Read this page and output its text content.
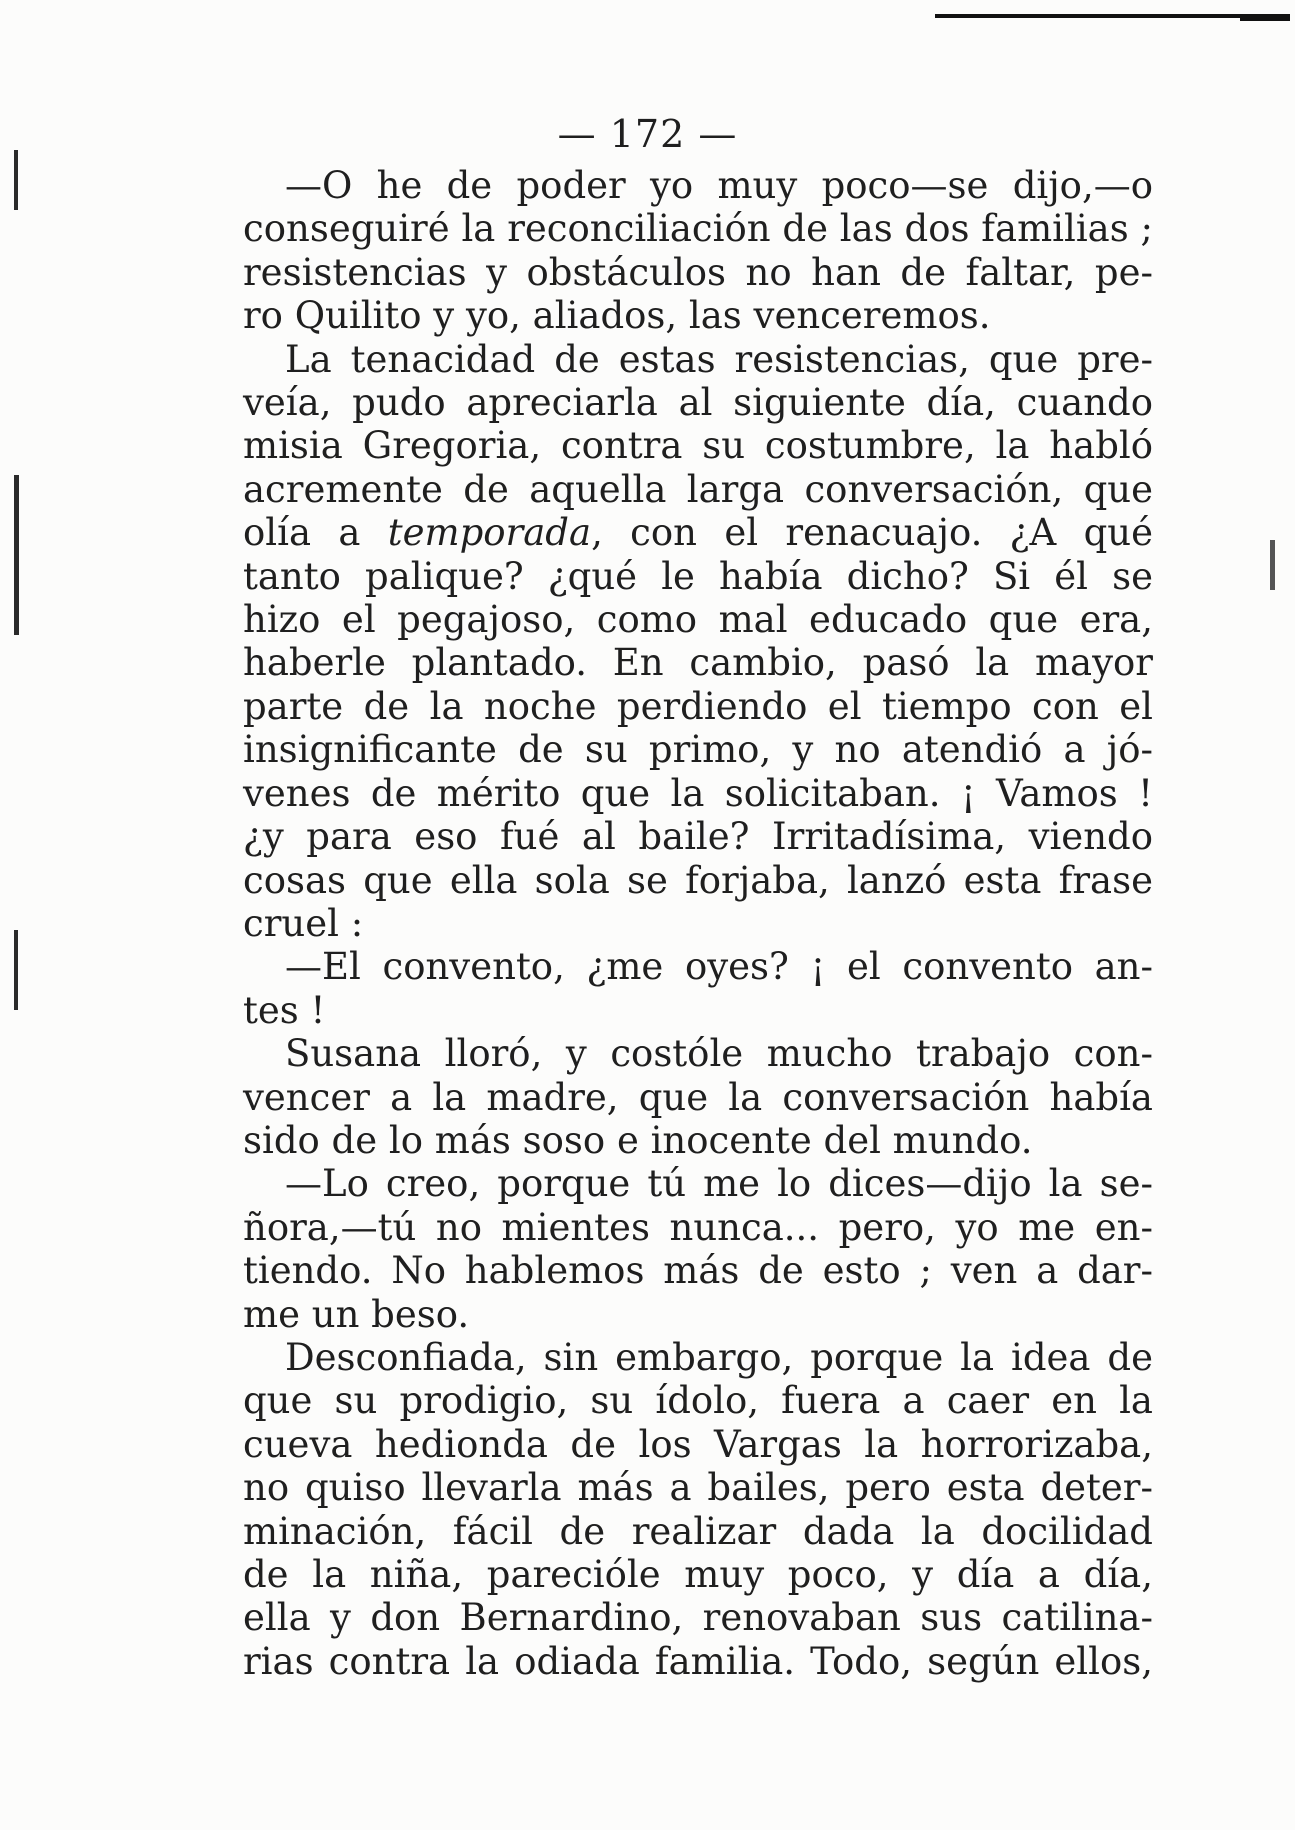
— 172 —
—O he de poder yo muy poco—se dijo,—o
conseguiré la reconciliación de las dos familias ;
resistencias y obstáculos no han de faltar, pe-
ro Quilito y yo, aliados, las venceremos.
La tenacidad de estas resistencias, que pre-
veía, pudo apreciarla al siguiente día, cuando
misia Gregoria, contra su costumbre, la habló
acremente de aquella larga conversación, que
olía a temporada, con el renacuajo. ¿A qué
tanto palique? ¿qué le había dicho? Si él se
hizo el pegajoso, como mal educado que era,
haberle plantado. En cambio, pasó la mayor
parte de la noche perdiendo el tiempo con el
insignificante de su primo, y no atendió a jó-
venes de mérito que la solicitaban. ¡ Vamos !
¿y para eso fué al baile? Irritadísima, viendo
cosas que ella sola se forjaba, lanzó esta frase
cruel :
—El convento, ¿me oyes? ¡ el convento an-
tes !
Susana lloró, y costóle mucho trabajo con-
vencer a la madre, que la conversación había
sido de lo más soso e inocente del mundo.
—Lo creo, porque tú me lo dices—dijo la se-
ñora,—tú no mientes nunca... pero, yo me en-
tiendo. No hablemos más de esto ; ven a dar-
me un beso.
Desconfiada, sin embargo, porque la idea de
que su prodigio, su ídolo, fuera a caer en la
cueva hedionda de los Vargas la horrorizaba,
no quiso llevarla más a bailes, pero esta deter-
minación, fácil de realizar dada la docilidad
de la niña, parecióle muy poco, y día a día,
ella y don Bernardino, renovaban sus catilina-
rias contra la odiada familia. Todo, según ellos,
